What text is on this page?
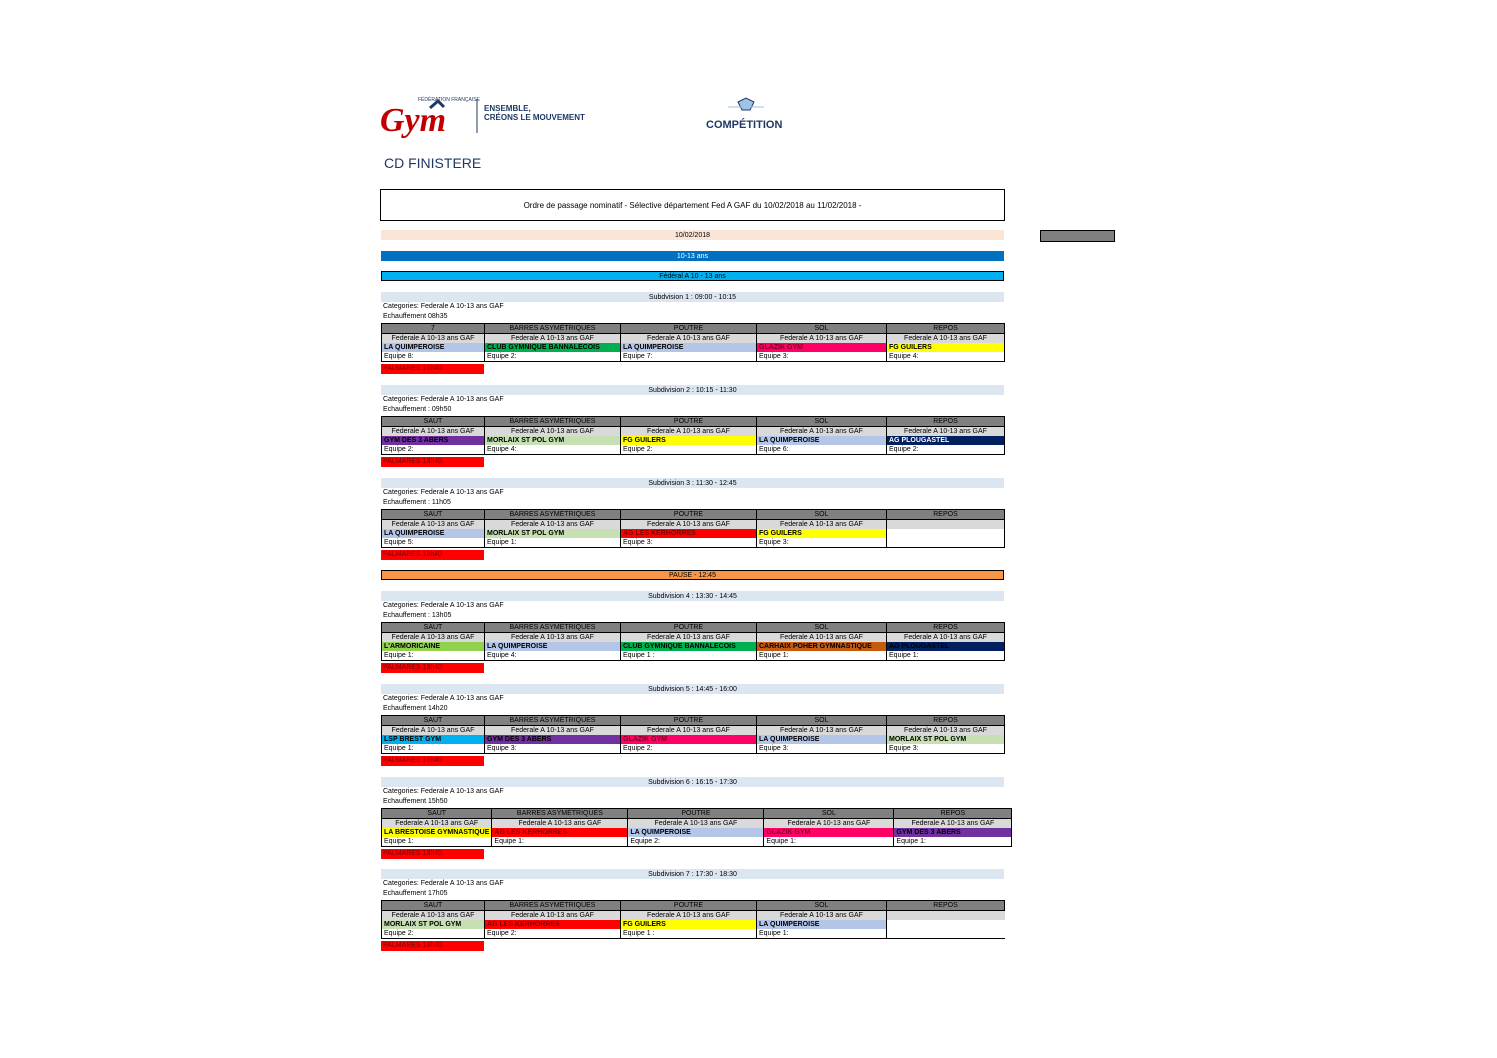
FÉDÉRATION FRANÇAISE
Gym	ENSEMBLE,
CRÉONS LE MOUVEMENT
COMPÉTITION
CD FINISTERE
Ordre de passage nominatif - Sélective département Fed A GAF du 10/02/2018 au 11/02/2018 -
10/02/2018
10-13 ans
Fédéral A 10 - 13 ans
PAUSE - 12:45
Subdvision 1 : 09:00 - 10:15
Categories: Federale A 10-13 ans GAF
Echauffement 08h35
7	BARRES ASYMÉTRIQUES	POUTRE	SOL	REPOS
Federale A 10-13 ans GAF	Federale A 10-13 ans GAF	Federale A 10-13 ans GAF	Federale A 10-13 ans GAF	Federale A 10-13 ans GAF
LA QUIMPEROISE	CLUB GYMNIQUE BANNALECOIS	LA QUIMPEROISE	GLAZIK GYM	FG GUILERS
Equipe 8:	Equipe 2:	Equipe 7:	Equipe 3:	Equipe 4:
PALMARES 18h40
Subdivision 2 : 10:15 - 11:30
Categories: Federale A 10-13 ans GAF
Echauffement : 09h50
SAUT	BARRES ASYMÉTRIQUES	POUTRE	SOL	REPOS
Federale A 10-13 ans GAF	Federale A 10-13 ans GAF	Federale A 10-13 ans GAF	Federale A 10-13 ans GAF	Federale A 10-13 ans GAF
GYM DES 3 ABERS	MORLAIX ST POL GYM	FG GUILERS	LA QUIMPEROISE	AG PLOUGASTEL
Equipe 2:	Equipe 4:	Equipe 2:	Equipe 6:	Equipe 2:
PALMARES 18h40
Subdivision 3 : 11:30 - 12:45
Categories: Federale A 10-13 ans GAF
Echauffement : 11h05
SAUT	BARRES ASYMÉTRIQUES	POUTRE	SOL	REPOS
Federale A 10-13 ans GAF	Federale A 10-13 ans GAF	Federale A 10-13 ans GAF	Federale A 10-13 ans GAF	
LA QUIMPEROISE	MORLAIX ST POL GYM	AG LES KERHORRES	FG GUILERS	
Equipe 5:	Equipe 1:	Equipe 3:	Equipe 3:	
PALMARES 18h40
Subdivision 4 : 13:30 - 14:45
Categories: Federale A 10-13 ans GAF
Echauffement : 13h05
SAUT	BARRES ASYMÉTRIQUES	POUTRE	SOL	REPOS
Federale A 10-13 ans GAF	Federale A 10-13 ans GAF	Federale A 10-13 ans GAF	Federale A 10-13 ans GAF	Federale A 10-13 ans GAF
L'ARMORICAINE	LA QUIMPEROISE	CLUB GYMNIQUE BANNALECOIS	CARHAIX POHER GYMNASTIQUE	AG PLOUGASTEL
Equipe 1:	Equipe 4:	Equipe 1 :	Equipe 1:	Equipe 1:
PALMARES 18h40
Subdivision 5 : 14:45 - 16:00
Categories: Federale A 10-13 ans GAF
Echauffement 14h20
SAUT	BARRES ASYMÉTRIQUES	POUTRE	SOL	REPOS
Federale A 10-13 ans GAF	Federale A 10-13 ans GAF	Federale A 10-13 ans GAF	Federale A 10-13 ans GAF	Federale A 10-13 ans GAF
LSP BREST GYM	GYM DES 3 ABERS	GLAZIK GYM	LA QUIMPEROISE	MORLAIX ST POL GYM
Equipe 1:	Equipe 3:	Equipe 2:	Equipe 3:	Equipe 3:
PALMARES 18h40
Subdivision 6 : 16:15 - 17:30
Categories: Federale A 10-13 ans GAF
Echauffement 15h50
SAUT	BARRES ASYMÉTRIQUES	POUTRE	SOL	REPOS
Federale A 10-13 ans GAF	Federale A 10-13 ans GAF	Federale A 10-13 ans GAF	Federale A 10-13 ans GAF	Federale A 10-13 ans GAF
LA BRESTOISE GYMNASTIQUE	AG LES KERHORRES	LA QUIMPEROISE	GLAZIK GYM	GYM DES 3 ABERS
Equipe 1:	Equipe 1:	Equipe 2:	Equipe 1:	Equipe 1:
PALMARES 18h40
Subdivision 7 : 17:30 - 18:30
Categories: Federale A 10-13 ans GAF
Echauffement 17h05
SAUT	BARRES ASYMÉTRIQUES	POUTRE	SOL	REPOS
Federale A 10-13 ans GAF	Federale A 10-13 ans GAF	Federale A 10-13 ans GAF	Federale A 10-13 ans GAF	
MORLAIX ST POL GYM	AG LES KERHORRES	FG GUILERS	LA QUIMPEROISE	
Equipe 2:	Equipe 2:	Equipe 1 :	Equipe 1:	
PALMARES 18h40
